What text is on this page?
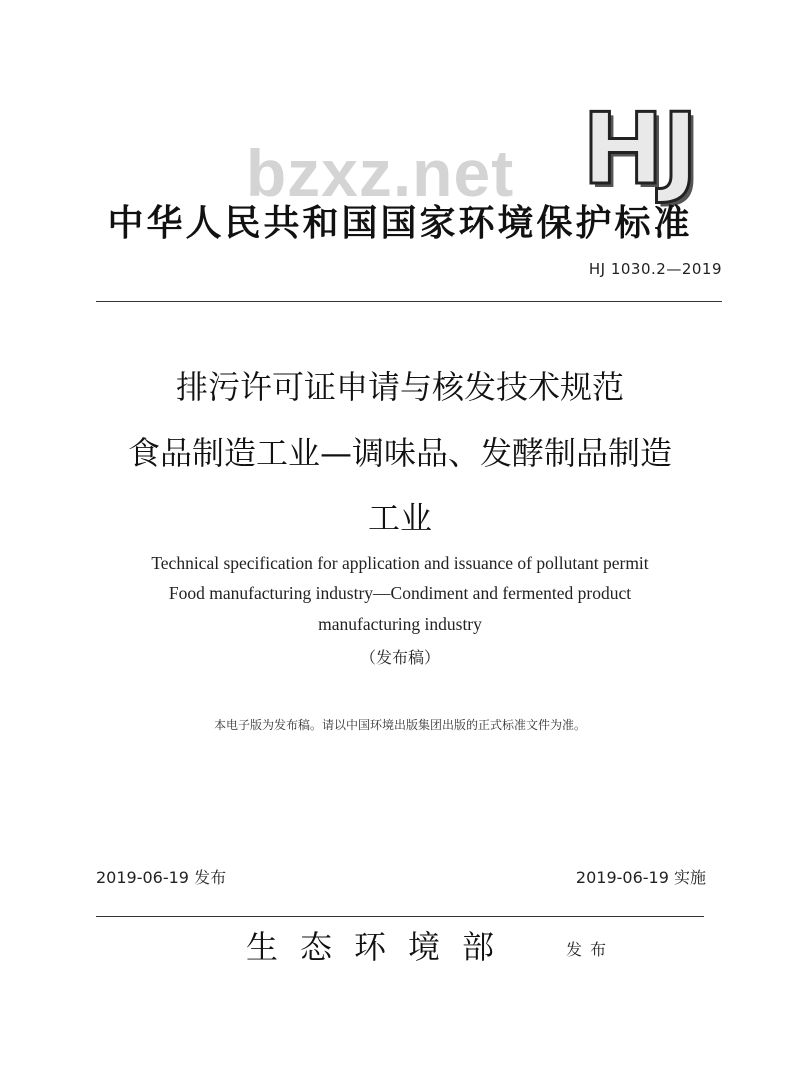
HJ
bzxz.net
中华人民共和国国家环境保护标准
HJ 1030.2—2019
排污许可证申请与核发技术规范
食品制造工业—调味品、发酵制品制造
工业
Technical specification for application and issuance of pollutant permit
Food manufacturing industry—Condiment and fermented product
manufacturing industry
（发布稿）
本电子版为发布稿。请以中国环境出版集团出版的正式标准文件为准。
2019-06-19 发布	2019-06-19 实施
生态环境部	发布
